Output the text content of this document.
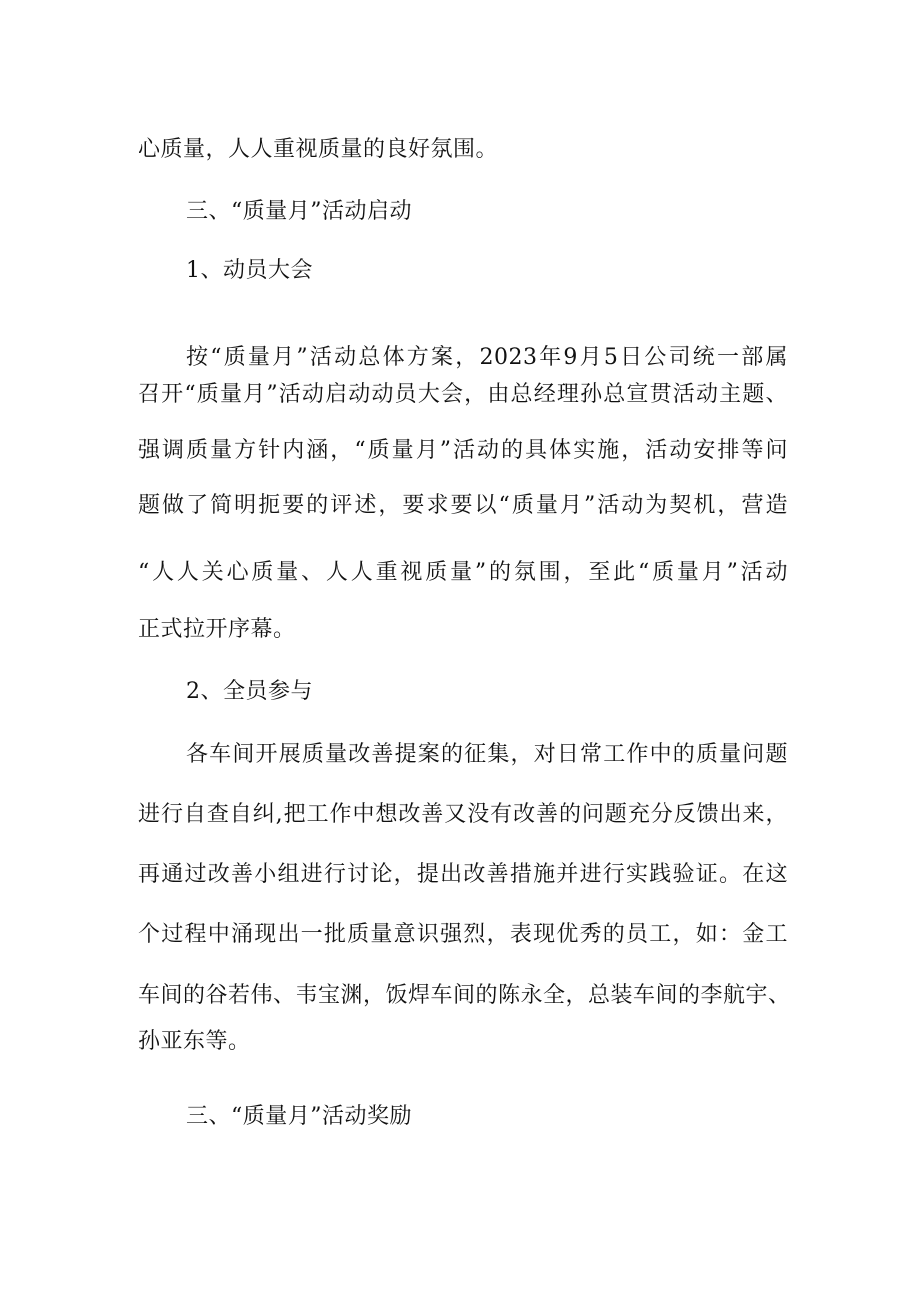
心质量，人人重视质量的良好氛围。
三、“质量月”活动启动
1、动员大会
按“质量月”活动总体方案，2023年9月5日公司统一部属
召开“质量月”活动启动动员大会，由总经理孙总宣贯活动主题、
强调质量方针内涵，“质量月”活动的具体实施，活动安排等问
题做了简明扼要的评述，要求要以“质量月”活动为契机，营造
“人人关心质量、人人重视质量”的氛围，至此“质量月”活动
正式拉开序幕。
2、全员参与
各车间开展质量改善提案的征集，对日常工作中的质量问题
进行自查自纠,把工作中想改善又没有改善的问题充分反馈出来，
再通过改善小组进行讨论，提出改善措施并进行实践验证。在这
个过程中涌现出一批质量意识强烈，表现优秀的员工，如：金工
车间的谷若伟、韦宝渊，饭焊车间的陈永全，总装车间的李航宇、
孙亚东等。
三、“质量月”活动奖励
